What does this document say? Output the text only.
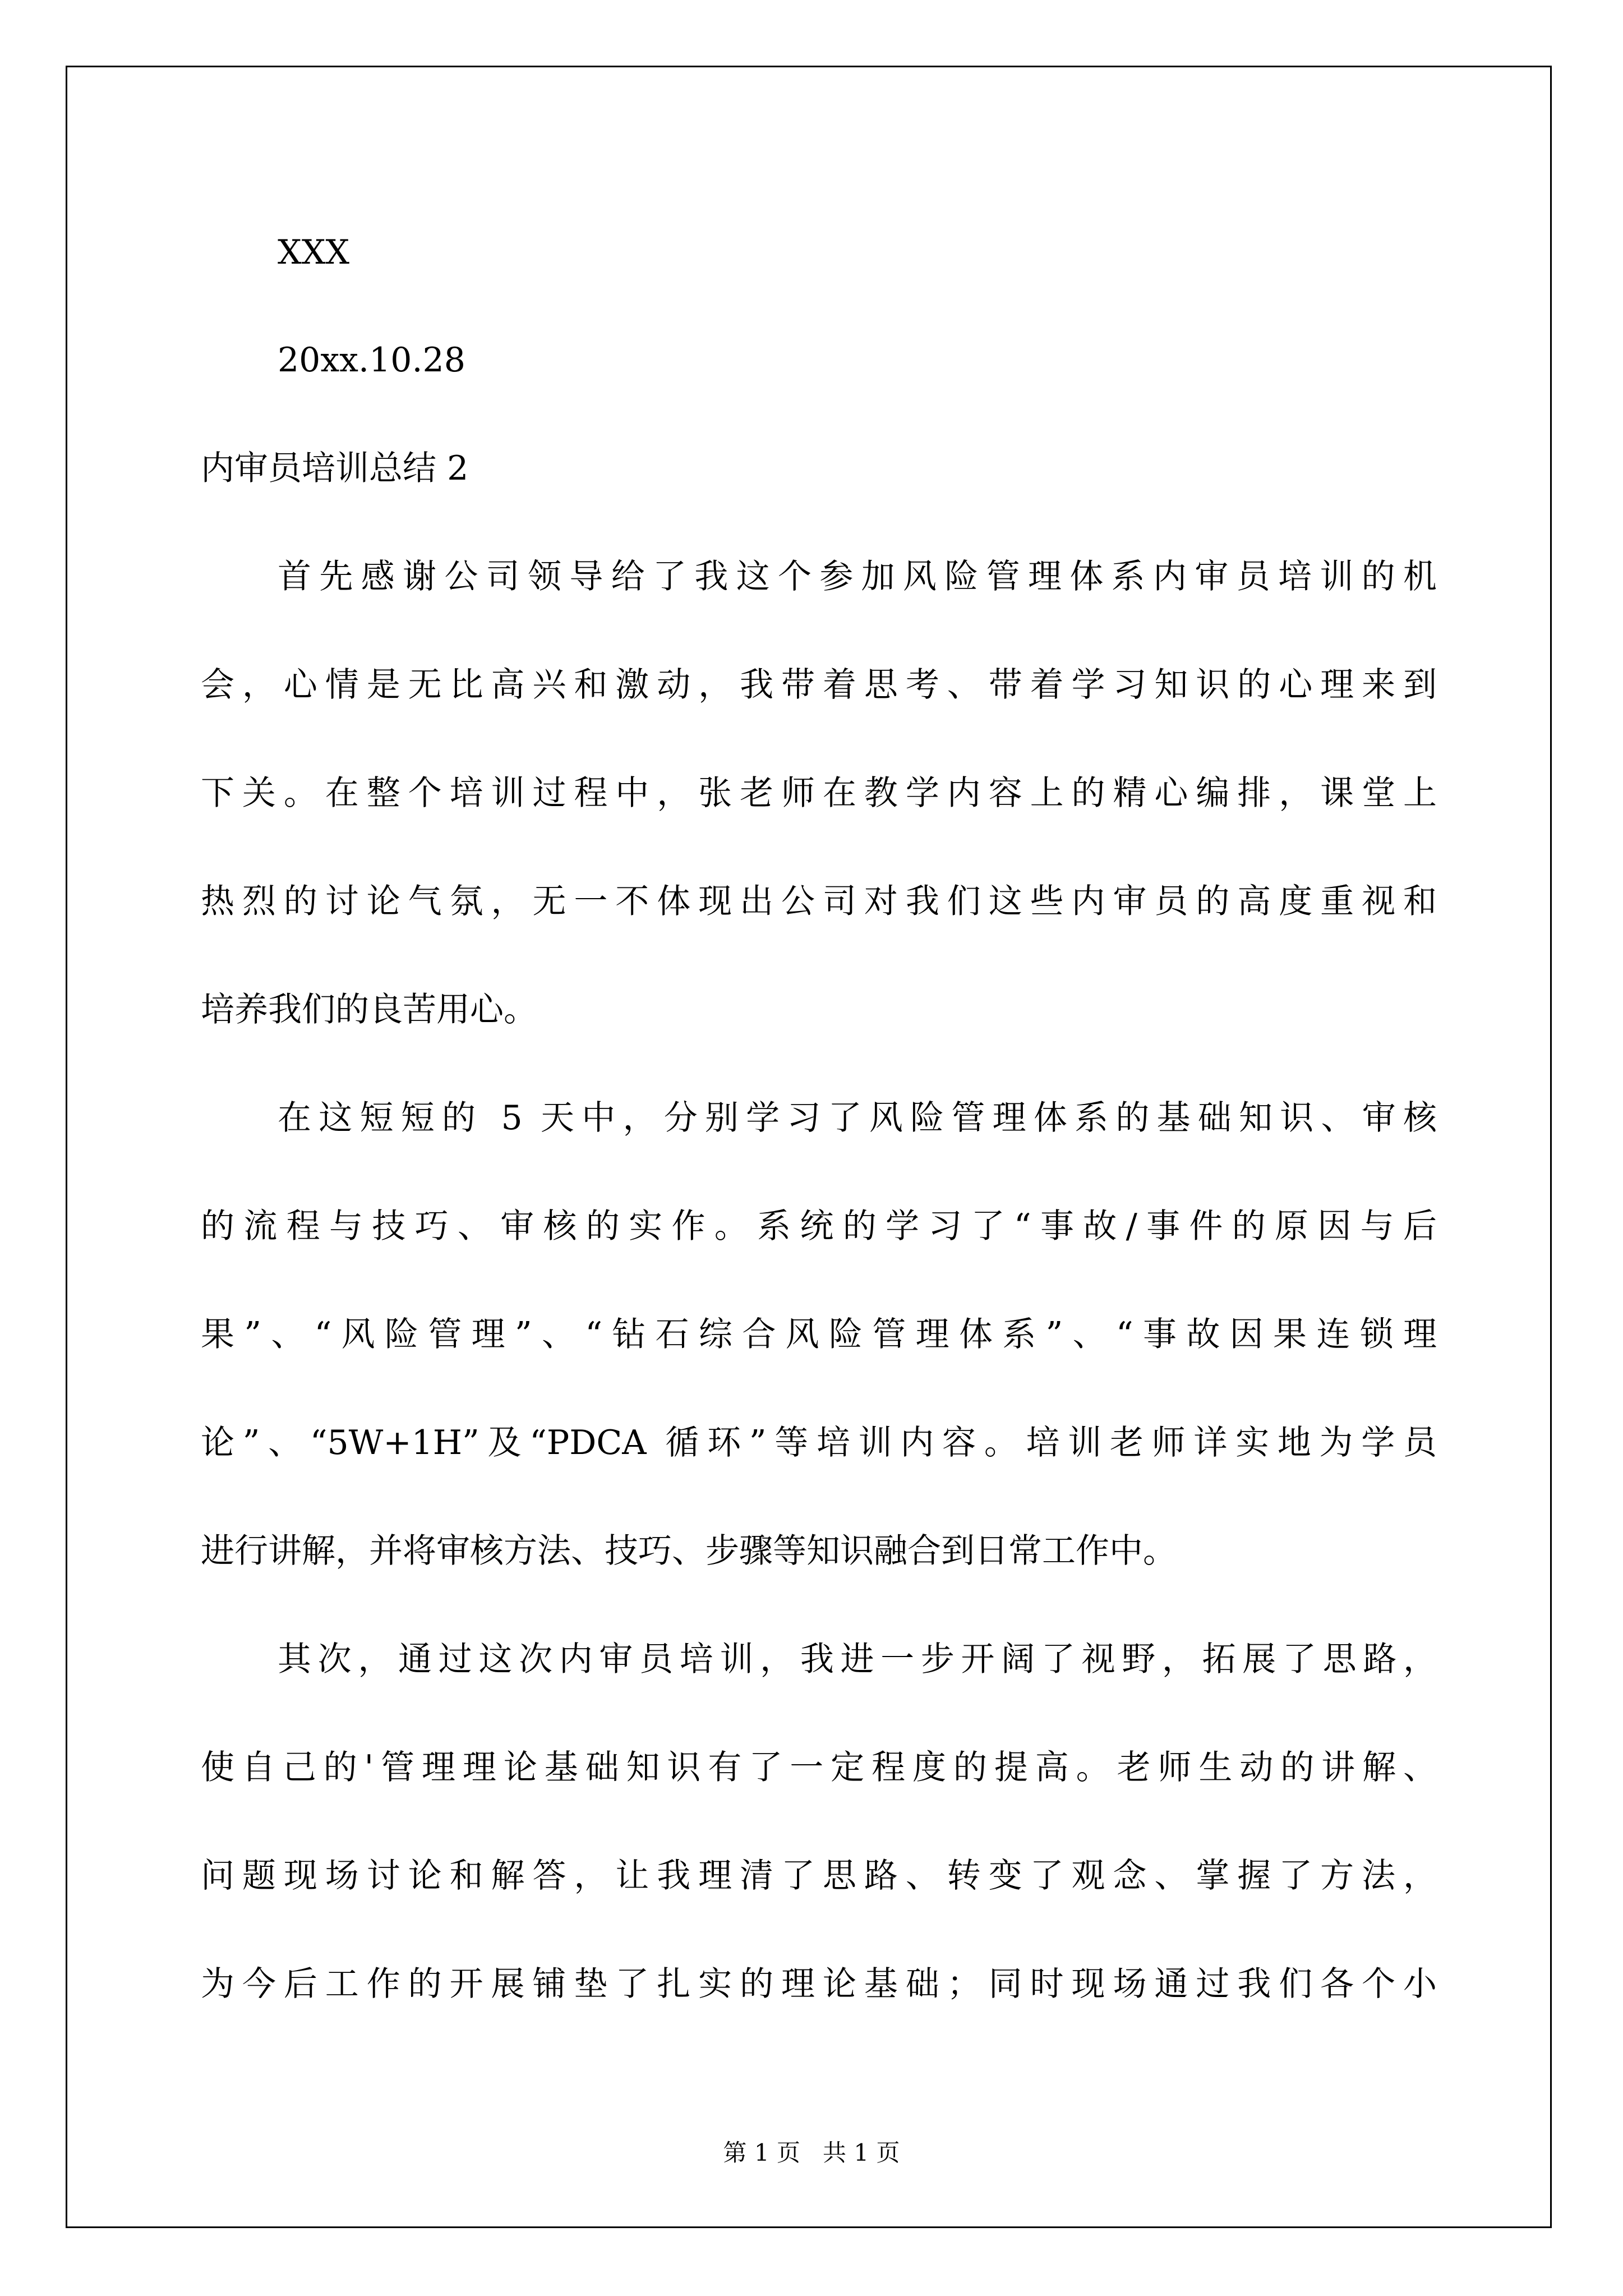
XXX

20xx.10.28

内审员培训总结 2

首先感谢公司领导给了我这个参加风险管理体系内审员培训的机

会，心情是无比高兴和激动，我带着思考、带着学习知识的心理来到

下关。在整个培训过程中，张老师在教学内容上的精心编排，课堂上

热烈的讨论气氛，无一不体现出公司对我们这些内审员的高度重视和

培养我们的良苦用心。

在这短短的 5 天中，分别学习了风险管理体系的基础知识、审核

的流程与技巧、审核的实作。系统的学习了“事故/事件的原因与后

果”、“风险管理”、“钻石综合风险管理体系”、“事故因果连锁理

论”、“5W+1H”及“PDCA 循环”等培训内容。培训老师详实地为学员

进行讲解，并将审核方法、技巧、步骤等知识融合到日常工作中。

其次，通过这次内审员培训，我进一步开阔了视野，拓展了思路，

使自己的'管理理论基础知识有了一定程度的提高。老师生动的讲解、

问题现场讨论和解答，让我理清了思路、转变了观念、掌握了方法，

为今后工作的开展铺垫了扎实的理论基础；同时现场通过我们各个小

第 1 页   共 1 页
